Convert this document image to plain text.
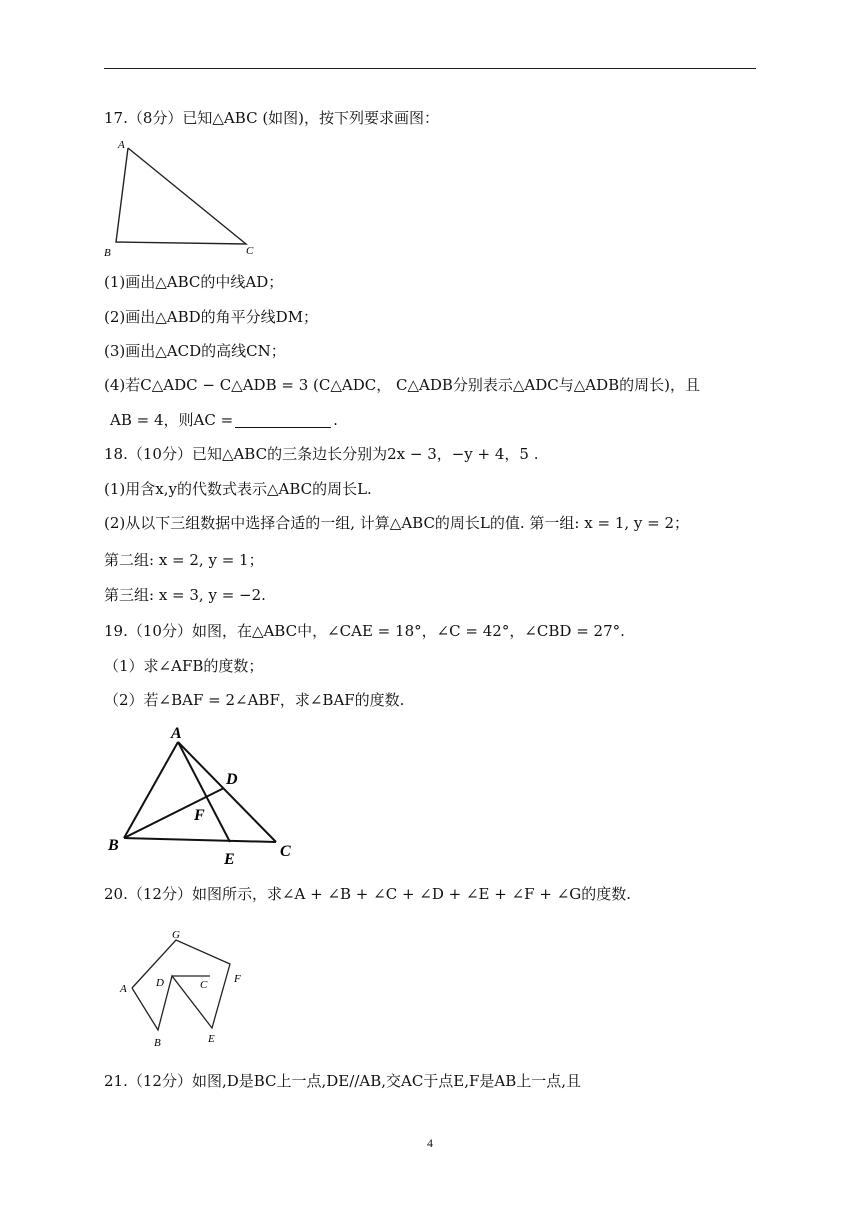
17.（8分）已知△ABC (如图)，按下列要求画图：
A
B	C
(1)画出△ABC的中线AD；
(2)画出△ABD的角平分线DM；
(3)画出△ACD的高线CN；
(4)若C△ADC − C△ADB = 3 (C△ADC， C△ADB分别表示△ADC与△ADB的周长)，且
AB = 4，则AC =	.
18.（10分）已知△ABC的三条边长分别为2x − 3，−y + 4，5 .
(1)用含x,y的代数式表示△ABC的周长L.
(2)从以下三组数据中选择合适的一组, 计算△ABC的周长L的值. 第一组: x = 1, y = 2；
第二组: x = 2, y = 1；
第三组: x = 3, y = −2.
19.（10分）如图，在△ABC中，∠CAE = 18°，∠C = 42°，∠CBD = 27°.
（1）求∠AFB的度数；
（2）若∠BAF = 2∠ABF，求∠BAF的度数.
A
B	C
D
E
F
20.（12分）如图所示，求∠A + ∠B + ∠C + ∠D + ∠E + ∠F + ∠G的度数.
G
A
B
C
D
E
F
21.（12分）如图,D是BC上一点,DE//AB,交AC于点E,F是AB上一点,且
4
